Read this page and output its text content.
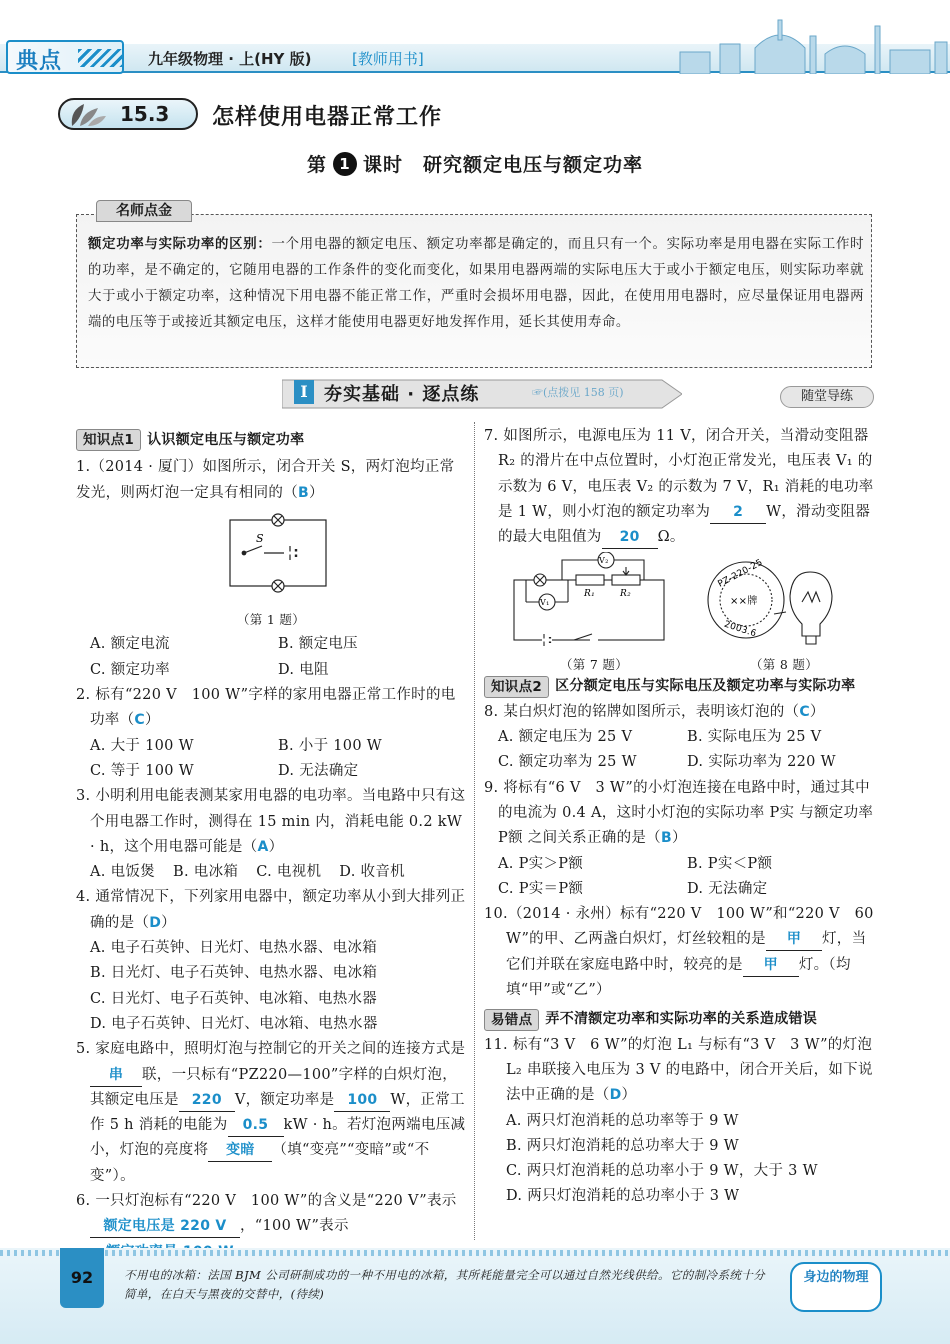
典点	九年级物理 · 上(HY 版)	[教师用书]
15.3 怎样使用电器正常工作
第 1 课时　研究额定电压与额定功率
名师点金
额定功率与实际功率的区别：一个用电器的额定电压、额定功率都是确定的，而且只有一个。实际功率是用电器在实际工作时的功率，是不确定的，它随用电器的工作条件的变化而变化，如果用电器两端的实际电压大于或小于额定电压，则实际功率就大于或小于额定功率，这种情况下用电器不能正常工作，严重时会损坏用电器，因此，在使用用电器时，应尽量保证用电器两端的电压等于或接近其额定电压，这样才能使用电器更好地发挥作用，延长其使用寿命。
Ⅰ 夯实基础 · 逐点练	☞(点拨见 158 页)	随堂导练
知识点1 认识额定电压与额定功率
1.（2014 · 厦门）如图所示，闭合开关 S，两灯泡均正常发光，则两灯泡一定具有相同的（B）
S
（第 1 题）
A. 额定电流	B. 额定电压
C. 额定功率	D. 电阻
2. 标有“220 V　100 W”字样的家用电器正常工作时的电功率（C）
A. 大于 100 W	B. 小于 100 W
C. 等于 100 W	D. 无法确定
3. 小明利用电能表测某家用电器的电功率。当电路中只有这个用电器工作时，测得在 15 min 内，消耗电能 0.2 kW · h，这个用电器可能是（A）
A. 电饭煲 B. 电冰箱 C. 电视机 D. 收音机
4. 通常情况下，下列家用电器中，额定功率从小到大排列正确的是（D）
A. 电子石英钟、日光灯、电热水器、电冰箱
B. 日光灯、电子石英钟、电热水器、电冰箱
C. 日光灯、电子石英钟、电冰箱、电热水器
D. 电子石英钟、日光灯、电冰箱、电热水器
5. 家庭电路中，照明灯泡与控制它的开关之间的连接方式是串 联，一只标有“PZ220—100”字样的白炽灯泡，其额定电压是 220 V，额定功率是 100 W，正常工作 5 h 消耗的电能为 0.5 kW · h。若灯泡两端电压减小，灯泡的亮度将 变暗 （填“变亮”“变暗”或“不变”）。
6. 一只灯泡标有“220 V　100 W”的含义是“220 V”表示额定电压是 220 V ，“100 W”表示
7. 如图所示，电源电压为 11 V，闭合开关，当滑动变阻器 R₂ 的滑片在中点位置时，小灯泡正常发光，电压表 V₁ 的示数为 6 V，电压表 V₂ 的示数为 7 V，R₁ 消耗的电功率是 1 W，则小灯泡的额定功率为 2 W，滑动变阻器的最大电阻值为 20 Ω。
V₂
V₁
R₁	R₂
PZ-220-25
××牌
2003.6
（第 7 题）	（第 8 题）
知识点2 区分额定电压与实际电压及额定功率与实际功率
8. 某白炽灯泡的铭牌如图所示，表明该灯泡的（C）
A. 额定电压为 25 V	B. 实际电压为 25 V
C. 额定功率为 25 W	D. 实际功率为 220 W
9. 将标有“6 V　3 W”的小灯泡连接在电路中时，通过其中的电流为 0.4 A，这时小灯泡的实际功率 P实 与额定功率 P额 之间关系正确的是（B）
A. P实＞P额	B. P实＜P额
C. P实＝P额	D. 无法确定
10.（2014 · 永州）标有“220 V　100 W”和“220 V　60 W”的甲、乙两盏白炽灯，灯丝较粗的是 甲 灯，当它们并联在家庭电路中时，较亮的是 甲 灯。（均填“甲”或“乙”）
易错点 弄不清额定功率和实际功率的关系造成错误
11. 标有“3 V　6 W”的灯泡 L₁ 与标有“3 V　3 W”的灯泡 L₂ 串联接入电压为 3 V 的电路中，闭合开关后，如下说法中正确的是（D）
A. 两只灯泡消耗的总功率等于 9 W
B. 两只灯泡消耗的总功率大于 9 W
C. 两只灯泡消耗的总功率小于 9 W，大于 3 W
D. 两只灯泡消耗的总功率小于 3 W
92	不用电的冰箱：法国 BJM 公司研制成功的一种不用电的冰箱，其所耗能量完全可以通过自然光线供给。它的制冷系统十分简单，在白天与黑夜的交替中，(待续)
身边的物理
